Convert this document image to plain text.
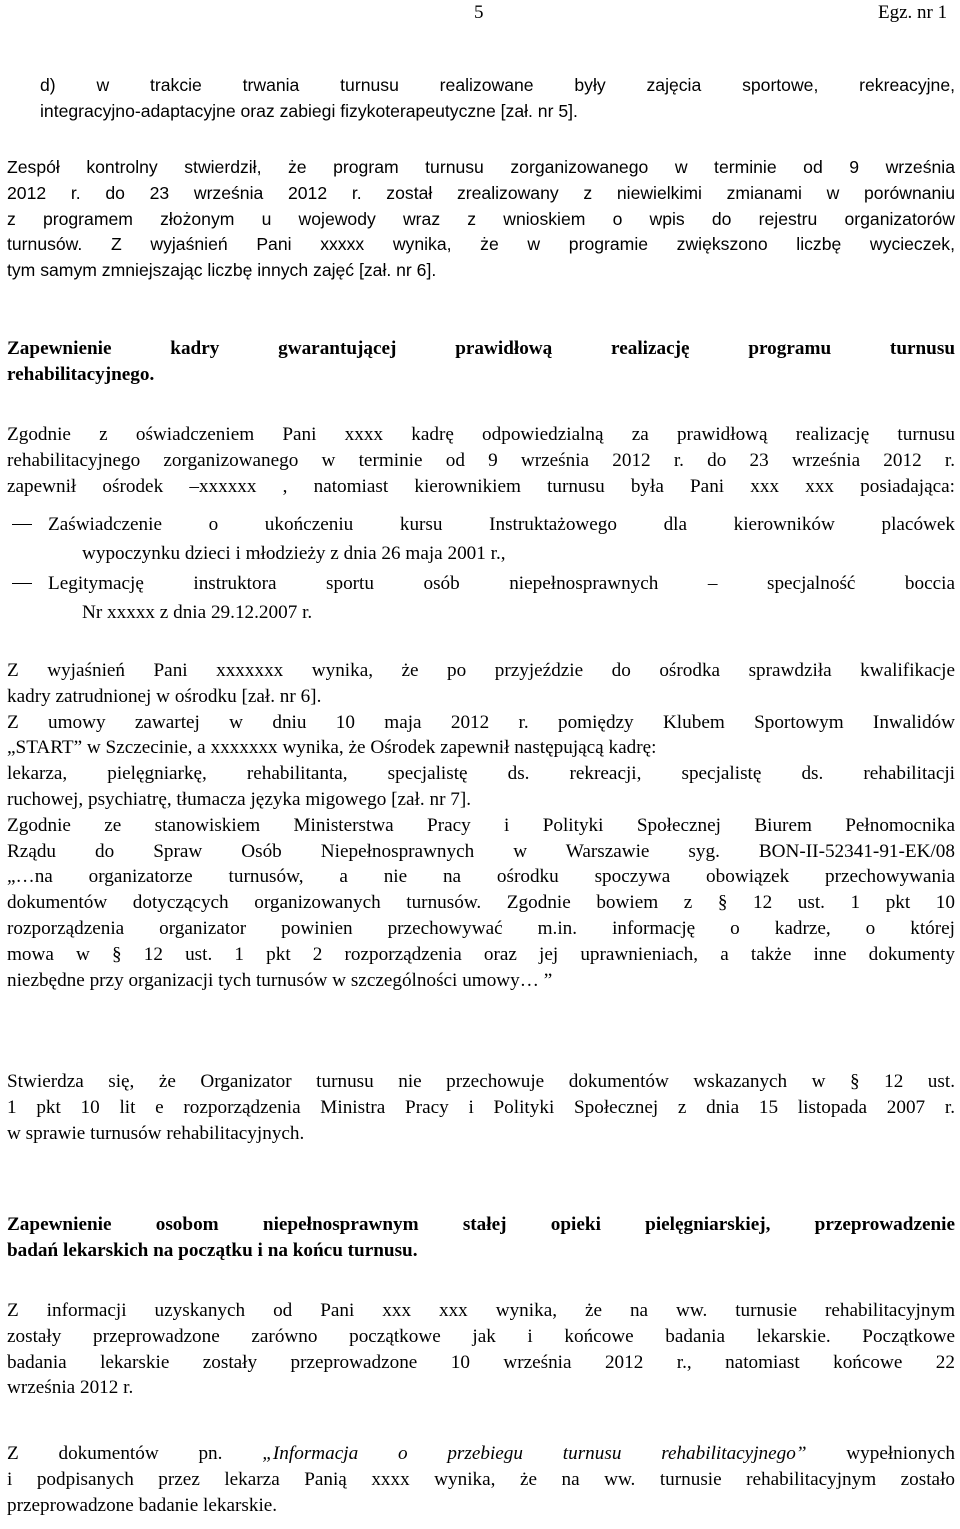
5	Egz. nr 1
d) w trakcie trwania turnusu realizowane były zajęcia sportowe, rekreacyjne,
integracyjno-adaptacyjne oraz zabiegi fizykoterapeutyczne [zał. nr 5].
Zespół kontrolny stwierdził, że program turnusu zorganizowanego w terminie od 9 września
2012 r. do 23 września 2012 r. został zrealizowany z niewielkimi zmianami w porównaniu
z programem złożonym u wojewody wraz z wnioskiem o wpis do rejestru organizatorów
turnusów. Z wyjaśnień Pani xxxxx wynika, że w programie zwiększono liczbę wycieczek,
tym samym zmniejszając liczbę innych zajęć [zał. nr 6].
Zapewnienie kadry gwarantującej prawidłową realizację programu turnusu
rehabilitacyjnego.
Zgodnie z oświadczeniem Pani xxxx kadrę odpowiedzialną za prawidłową realizację turnusu
rehabilitacyjnego zorganizowanego w terminie od 9 września 2012 r. do 23 września 2012 r.
zapewnił ośrodek –xxxxxx , natomiast kierownikiem turnusu była Pani xxx xxx posiadająca:
Zaświadczenie o ukończeniu kursu Instruktażowego dla kierowników placówek
wypoczynku dzieci i młodzieży z dnia 26 maja 2001 r.,
Legitymację instruktora sportu osób niepełnosprawnych – specjalność boccia
Nr xxxxx z dnia 29.12.2007 r.
Z wyjaśnień Pani xxxxxxx wynika, że po przyjeździe do ośrodka sprawdziła kwalifikacje
kadry zatrudnionej w ośrodku [zał. nr 6].
Z umowy zawartej w dniu 10 maja 2012 r. pomiędzy Klubem Sportowym Inwalidów
„START” w Szczecinie, a xxxxxxx wynika, że Ośrodek zapewnił następującą kadrę:
lekarza, pielęgniarkę, rehabilitanta, specjalistę ds. rekreacji, specjalistę ds. rehabilitacji
ruchowej, psychiatrę, tłumacza języka migowego [zał. nr 7].
Zgodnie ze stanowiskiem Ministerstwa Pracy i Polityki Społecznej Biurem Pełnomocnika
Rządu do Spraw Osób Niepełnosprawnych w Warszawie syg. BON-II-52341-91-EK/08
„…na organizatorze turnusów, a nie na ośrodku spoczywa obowiązek przechowywania
dokumentów dotyczących organizowanych turnusów. Zgodnie bowiem z § 12 ust. 1 pkt 10
rozporządzenia organizator powinien przechowywać m.in. informację o kadrze, o której
mowa w § 12 ust. 1 pkt 2 rozporządzenia oraz jej uprawnieniach, a także inne dokumenty
niezbędne przy organizacji tych turnusów w szczególności umowy… ”
Stwierdza się, że Organizator turnusu nie przechowuje dokumentów wskazanych w § 12 ust.
1 pkt 10 lit e rozporządzenia Ministra Pracy i Polityki Społecznej z dnia 15 listopada 2007 r.
w sprawie turnusów rehabilitacyjnych.
Zapewnienie osobom niepełnosprawnym stałej opieki pielęgniarskiej, przeprowadzenie
badań lekarskich na początku i na końcu turnusu.
Z informacji uzyskanych od Pani xxx xxx wynika, że na ww. turnusie rehabilitacyjnym
zostały przeprowadzone zarówno początkowe jak i końcowe badania lekarskie. Początkowe
badania lekarskie zostały przeprowadzone 10 września 2012 r., natomiast końcowe 22
września 2012 r.
Z dokumentów pn. „Informacja o przebiegu turnusu rehabilitacyjnego” wypełnionych
i podpisanych przez lekarza Panią xxxx wynika, że na ww. turnusie rehabilitacyjnym zostało
przeprowadzone badanie lekarskie.
